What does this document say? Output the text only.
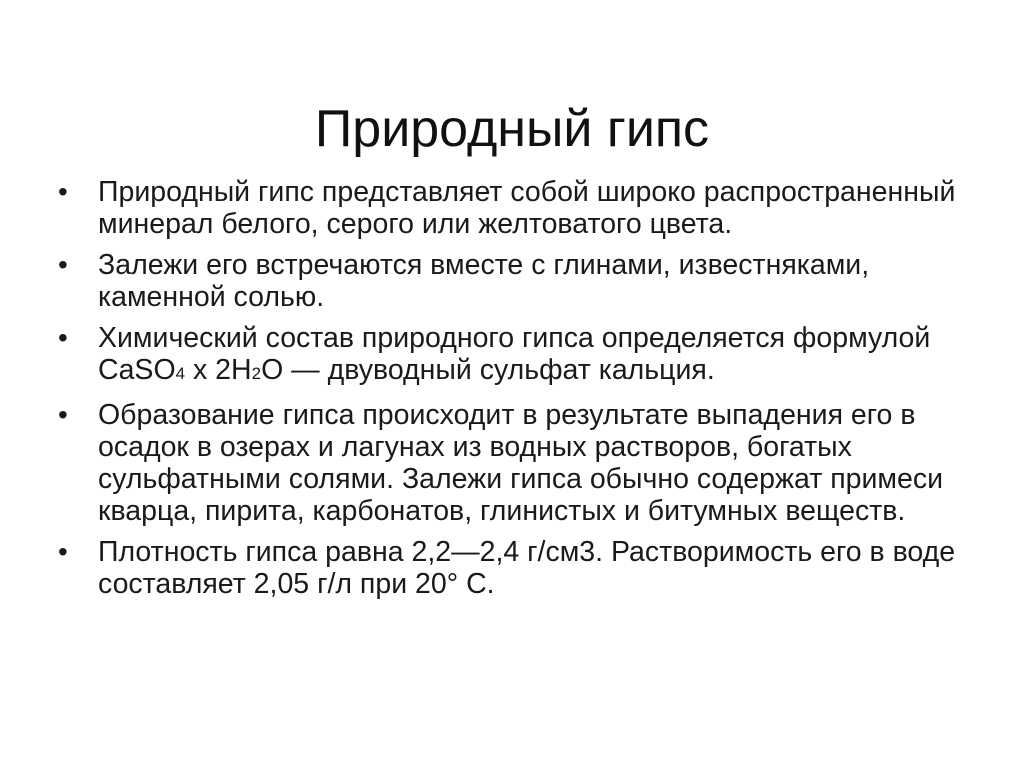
Природный гипс
•	Природный гипс представляет собой широко распространенный минерал белого, серого или желтоватого цвета.
•	Залежи его встречаются вместе с глинами, известняками, каменной солью.
•	Химический состав природного гипса определяется формулой CaSO4 x 2H2O — двуводный сульфат кальция.
•	Образование гипса происходит в результате выпадения его в осадок в озерах и лагунах из водных растворов, богатых сульфатными солями. Залежи гипса обычно содержат примеси кварца, пирита, карбонатов, глинистых и битумных веществ.
•	Плотность гипса равна 2,2—2,4 г/см3. Растворимость его в воде составляет 2,05 г/л при 20° С.
